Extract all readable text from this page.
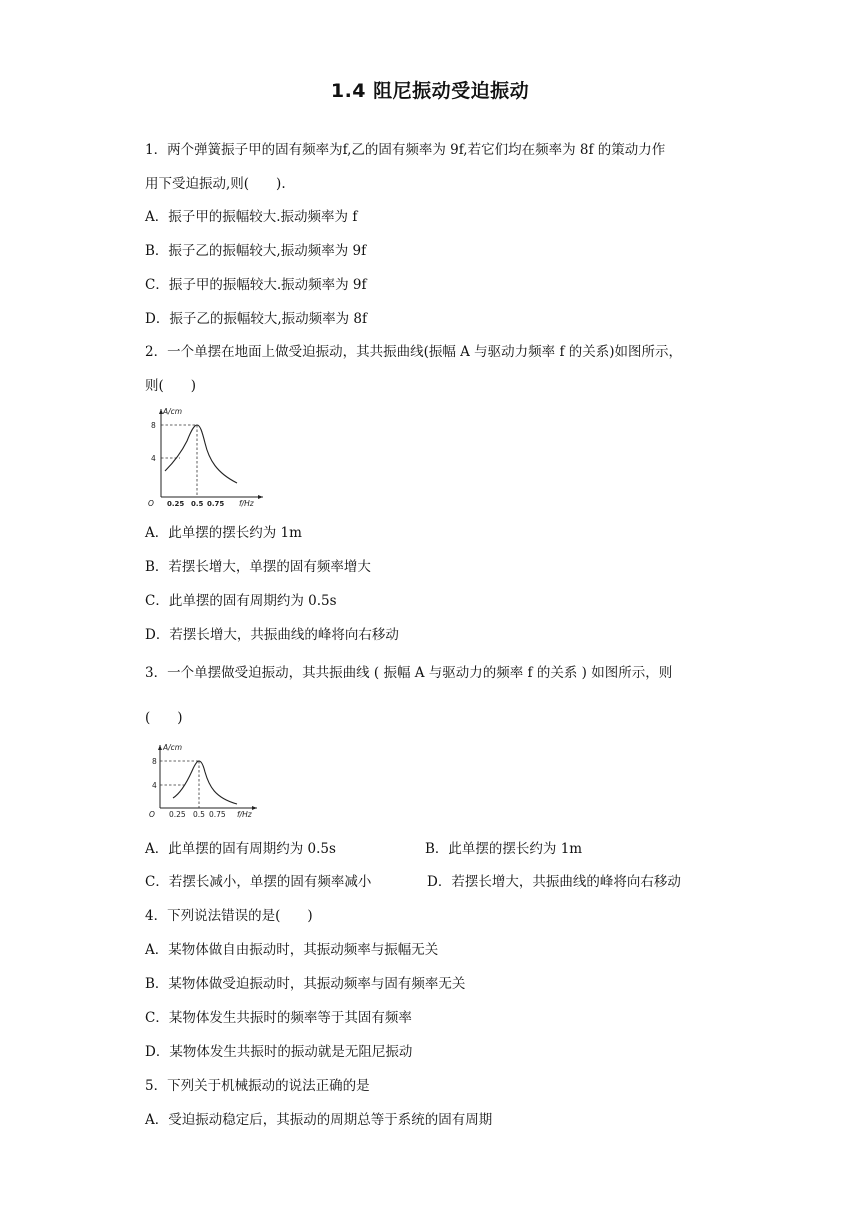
1.4 阻尼振动受迫振动
1．两个弹簧振子甲的固有频率为f,乙的固有频率为 9f,若它们均在频率为 8f 的策动力作
用下受迫振动,则(　　).
A．振子甲的振幅较大.振动频率为 f
B．振子乙的振幅较大,振动频率为 9f
C．振子甲的振幅较大.振动频率为 9f
D．振子乙的振幅较大,振动频率为 8f
2．一个单摆在地面上做受迫振动，其共振曲线(振幅 A 与驱动力频率 f 的关系)如图所示，
则(　　)
A/cm
8
4
O 0.25 0.5 0.75 f/Hz
A．此单摆的摆长约为 1m
B．若摆长增大，单摆的固有频率增大
C．此单摆的固有周期约为 0.5s
D．若摆长增大，共振曲线的峰将向右移动
3．一个单摆做受迫振动，其共振曲线 ( 振幅 A 与驱动力的频率 f 的关系 ) 如图所示，则
(　　)
A/cm
8
4
O 0.25 0.5 0.75 f/Hz
A．此单摆的固有周期约为 0.5s	B．此单摆的摆长约为 1m
C．若摆长减小，单摆的固有频率减小	D．若摆长增大，共振曲线的峰将向右移动
4．下列说法错误的是(　　)
A．某物体做自由振动时，其振动频率与振幅无关
B．某物体做受迫振动时，其振动频率与固有频率无关
C．某物体发生共振时的频率等于其固有频率
D．某物体发生共振时的振动就是无阻尼振动
5．下列关于机械振动的说法正确的是
A．受迫振动稳定后，其振动的周期总等于系统的固有周期
